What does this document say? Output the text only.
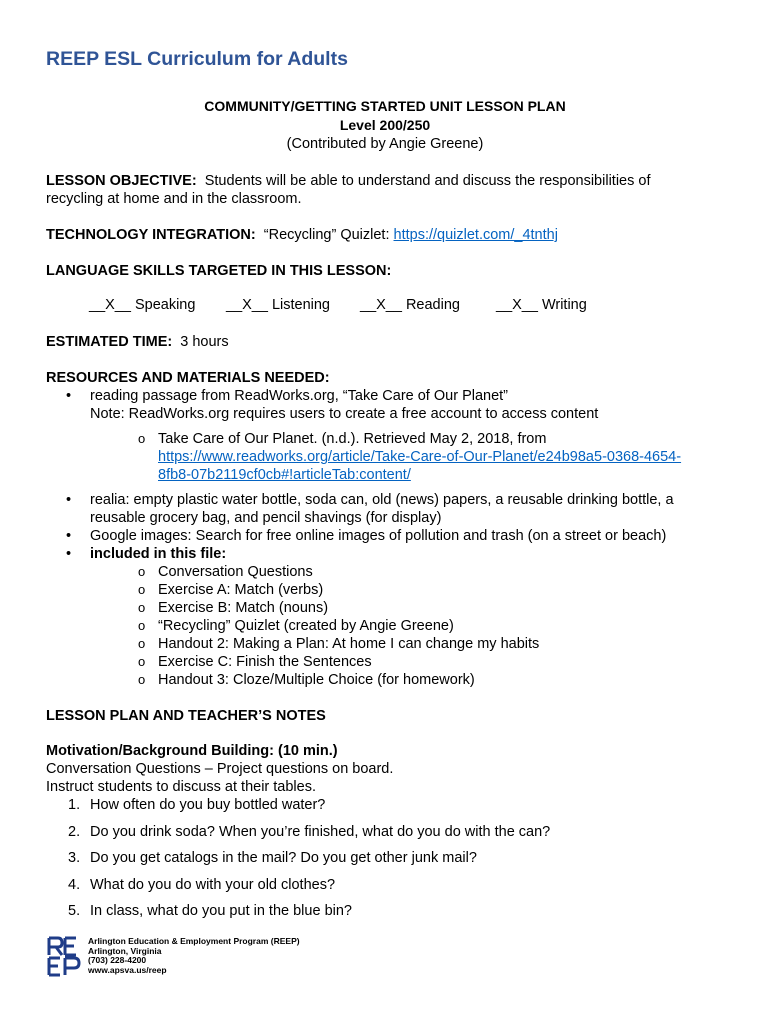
REEP ESL Curriculum for Adults
COMMUNITY/GETTING STARTED UNIT LESSON PLAN
Level 200/250
(Contributed by Angie Greene)
LESSON OBJECTIVE: Students will be able to understand and discuss the responsibilities of recycling at home and in the classroom.
TECHNOLOGY INTEGRATION: “Recycling” Quizlet: https://quizlet.com/_4tnthj
LANGUAGE SKILLS TARGETED IN THIS LESSON:
__X__ Speaking __X__ Listening __X__ Reading __X__ Writing
ESTIMATED TIME: 3 hours
RESOURCES AND MATERIALS NEEDED:
• reading passage from ReadWorks.org, “Take Care of Our Planet”
Note: ReadWorks.org requires users to create a free account to access content
o Take Care of Our Planet. (n.d.). Retrieved May 2, 2018, from
https://www.readworks.org/article/Take-Care-of-Our-Planet/e24b98a5-0368-4654-
8fb8-07b2119cf0cb#!articleTab:content/
• realia: empty plastic water bottle, soda can, old (news) papers, a reusable drinking bottle, a reusable grocery bag, and pencil shavings (for display)
• Google images: Search for free online images of pollution and trash (on a street or beach)
• included in this file:
o Conversation Questions
o Exercise A: Match (verbs)
o Exercise B: Match (nouns)
o “Recycling” Quizlet (created by Angie Greene)
o Handout 2: Making a Plan: At home I can change my habits
o Exercise C: Finish the Sentences
o Handout 3: Cloze/Multiple Choice (for homework)
LESSON PLAN AND TEACHER’S NOTES
Motivation/Background Building: (10 min.)
Conversation Questions – Project questions on board.
Instruct students to discuss at their tables.
1. How often do you buy bottled water?
2. Do you drink soda? When you’re finished, what do you do with the can?
3. Do you get catalogs in the mail? Do you get other junk mail?
4. What do you do with your old clothes?
5. In class, what do you put in the blue bin?
Arlington Education & Employment Program (REEP)
Arlington, Virginia
(703) 228-4200
www.apsva.us/reep
